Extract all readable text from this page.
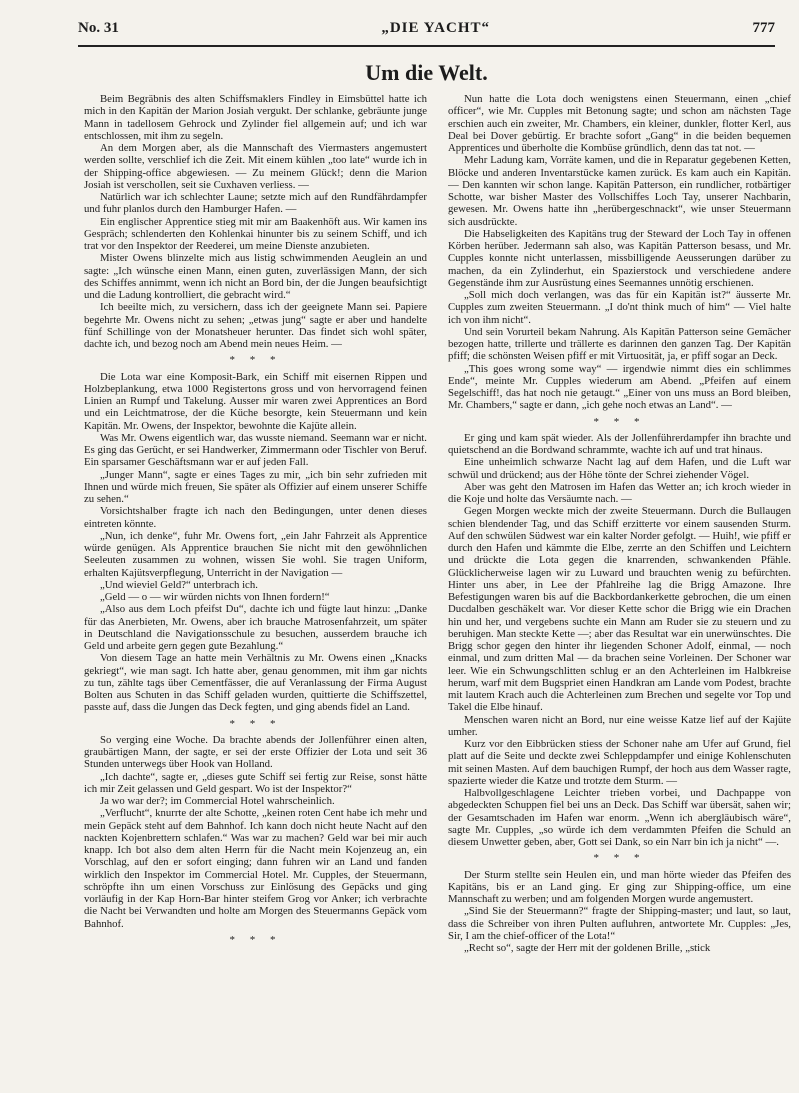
No. 31	„DIE YACHT“	777
Um die Welt.

Beim Begräbnis des alten Schiffsmaklers Findley in Eimsbüttel hatte ich mich in den Kapitän der Marion Josiah vergukt. Der schlanke, gebräunte junge Mann in tadellosem Gehrock und Zylinder fiel allgemein auf; und ich war entschlossen, mit ihm zu segeln.

An dem Morgen aber, als die Mannschaft des Viermasters angemustert werden sollte, verschlief ich die Zeit. Mit einem kühlen „too late“ wurde ich in der Shipping-office abgewiesen. — Zu meinem Glück!; denn die Marion Josiah ist verschollen, seit sie Cuxhaven verliess. —

Natürlich war ich schlechter Laune; setzte mich auf den Rundfährdampfer und fuhr planlos durch den Hamburger Hafen. —

Ein englischer Apprentice stieg mit mir am Baakenhöft aus. Wir kamen ins Gespräch; schlenderten den Kohlenkai hinunter bis zu seinem Schiff, und ich trat vor den Inspektor der Reederei, um meine Dienste anzubieten.

Mister Owens blinzelte mich aus listig schwimmenden Aeuglein an und sagte: „Ich wünsche einen Mann, einen guten, zuverlässigen Mann, der sich des Schiffes annimmt, wenn ich nicht an Bord bin, der die Jungen beaufsichtigt und die Ladung kontrolliert, die gebracht wird.“

Ich beeilte mich, zu versichern, dass ich der geeignete Mann sei. Papiere begehrte Mr. Owens nicht zu sehen; „etwas jung“ sagte er aber und handelte fünf Schillinge von der Monatsheuer herunter. Das findet sich wohl später, dachte ich, und bezog noch am Abend mein neues Heim. —

* * *

Die Lota war eine Komposit-Bark, ein Schiff mit eisernen Rippen und Holzbeplankung, etwa 1000 Registertons gross und von hervorragend feinen Linien an Rumpf und Takelung. Ausser mir waren zwei Apprentices an Bord und ein Leichtmatrose, der die Küche besorgte, kein Steuermann und kein Kapitän. Mr. Owens, der Inspektor, bewohnte die Kajüte allein.

Was Mr. Owens eigentlich war, das wusste niemand. Seemann war er nicht. Es ging das Gerücht, er sei Handwerker, Zimmermann oder Tischler von Beruf. Ein sparsamer Geschäftsmann war er auf jeden Fall.

„Junger Mann“, sagte er eines Tages zu mir, „ich bin sehr zufrieden mit Ihnen und würde mich freuen, Sie später als Offizier auf einem unserer Schiffe zu sehen.“

Vorsichtshalber fragte ich nach den Bedingungen, unter denen dieses eintreten könnte.

„Nun, ich denke“, fuhr Mr. Owens fort, „ein Jahr Fahrzeit als Apprentice würde genügen. Als Apprentice brauchen Sie nicht mit den gewöhnlichen Seeleuten zusammen zu wohnen, wissen Sie wohl. Sie tragen Uniform, erhalten Kajütsverpflegung, Unterricht in der Navigation —

„Und wieviel Geld?“ unterbrach ich.

„Geld — o — wir würden nichts von Ihnen fordern!“

„Also aus dem Loch pfeifst Du“, dachte ich und fügte laut hinzu: „Danke für das Anerbieten, Mr. Owens, aber ich brauche Matrosenfahrzeit, um später in Deutschland die Navigationsschule zu besuchen, ausserdem brauche ich Geld und arbeite gern gegen gute Bezahlung.“

Von diesem Tage an hatte mein Verhältnis zu Mr. Owens einen „Knacks gekriegt“, wie man sagt. Ich hatte aber, genau genommen, mit ihm gar nichts zu tun, zählte tags über Cementfässer, die auf Veranlassung der Firma August Bolten aus Schuten in das Schiff geladen wurden, quittierte die Schiffszettel, passte auf, dass die Jungen das Deck fegten, und ging abends fidel an Land.

* * *

So verging eine Woche. Da brachte abends der Jollenführer einen alten, graubärtigen Mann, der sagte, er sei der erste Offizier der Lota und seit 36 Stunden unterwegs über Hook van Holland.

„Ich dachte“, sagte er, „dieses gute Schiff sei fertig zur Reise, sonst hätte ich mir Zeit gelassen und Geld gespart. Wo ist der Inspektor?“

Ja wo war der?; im Commercial Hotel wahrscheinlich.

„Verflucht“, knurrte der alte Schotte, „keinen roten Cent habe ich mehr und mein Gepäck steht auf dem Bahnhof. Ich kann doch nicht heute Nacht auf den nackten Kojenbrettern schlafen.“ Was war zu machen? Geld war bei mir auch knapp. Ich bot also dem alten Herrn für die Nacht mein Kojenzeug an, ein Vorschlag, auf den er sofort einging; dann fuhren wir an Land und fanden wirklich den Inspektor im Commercial Hotel. Mr. Cupples, der Steuermann, schröpfte ihn um einen Vorschuss zur Einlösung des Gepäcks und ging vorläufig in der Kap Horn-Bar hinter steifem Grog vor Anker; ich verbrachte die Nacht bei Verwandten und holte am Morgen des Steuermanns Gepäck vom Bahnhof.

* * *

Nun hatte die Lota doch wenigstens einen Steuermann, einen „chief officer“, wie Mr. Cupples mit Betonung sagte; und schon am nächsten Tage erschien auch ein zweiter, Mr. Chambers, ein kleiner, dunkler, flotter Kerl, aus Deal bei Dover gebürtig. Er brachte sofort „Gang“ in die beiden bequemen Apprentices und überholte die Kombüse gründlich, denn das tat not. —

Mehr Ladung kam, Vorräte kamen, und die in Reparatur gegebenen Ketten, Blöcke und anderen Inventarstücke kamen zurück. Es kam auch ein Kapitän. — Den kannten wir schon lange. Kapitän Patterson, ein rundlicher, rotbärtiger Schotte, war bisher Master des Vollschiffes Loch Tay, unserer Nachbarin, gewesen. Mr. Owens hatte ihn „herübergeschnackt“, wie unser Steuermann sich ausdrückte.

Die Habseligkeiten des Kapitäns trug der Steward der Loch Tay in offenen Körben herüber. Jedermann sah also, was Kapitän Patterson besass, und Mr. Cupples konnte nicht unterlassen, missbilligende Aeusserungen darüber zu machen, da ein Zylinderhut, ein Spazierstock und verschiedene andere Gegenstände ihm zur Ausrüstung eines Seemannes unnötig erschienen.

„Soll mich doch verlangen, was das für ein Kapitän ist?“ äusserte Mr. Cupples zum zweiten Steuermann. „I do'nt think much of him“ — Viel halte ich von ihm nicht“.

Und sein Vorurteil bekam Nahrung. Als Kapitän Patterson seine Gemächer bezogen hatte, trillerte und trällerte es darinnen den ganzen Tag. Der Kapitän pfiff; die schönsten Weisen pfiff er mit Virtuosität, ja, er pfiff sogar an Deck.

„This goes wrong some way“ — irgendwie nimmt dies ein schlimmes Ende“, meinte Mr. Cupples wiederum am Abend. „Pfeifen auf einem Segelschiff!, das hat noch nie getaugt.“ „Einer von uns muss an Bord bleiben, Mr. Chambers,“ sagte er dann, „ich gehe noch etwas an Land“. —

* * *

Er ging und kam spät wieder. Als der Jollenführerdampfer ihn brachte und quietschend an die Bordwand schrammte, wachte ich auf und trat hinaus.

Eine unheimlich schwarze Nacht lag auf dem Hafen, und die Luft war schwül und drückend; aus der Höhe tönte der Schrei ziehender Vögel.

Aber was geht den Matrosen im Hafen das Wetter an; ich kroch wieder in die Koje und holte das Versäumte nach. —

Gegen Morgen weckte mich der zweite Steuermann. Durch die Bullaugen schien blendender Tag, und das Schiff erzitterte vor einem sausenden Sturm. Auf den schwülen Südwest war ein kalter Norder gefolgt. — Huih!, wie pfiff er durch den Hafen und kämmte die Elbe, zerrte an den Schiffen und Leichtern und drückte die Lota gegen die knarrenden, schwankenden Pfähle. Glücklicherweise lagen wir zu Luward und brauchten wenig zu befürchten. Hinter uns aber, in Lee der Pfahlreihe lag die Brigg Amazone. Ihre Befestigungen waren bis auf die Backbordankerkette gebrochen, die um einen Ducdalben geschäkelt war. Vor dieser Kette schor die Brigg wie ein Drachen hin und her, und vergebens suchte ein Mann am Ruder sie zu steuern und zu beruhigen. Man steckte Kette —; aber das Resultat war ein unerwünschtes. Die Brigg schor gegen den hinter ihr liegenden Schoner Adolf, einmal, — noch einmal, und zum dritten Mal — da brachen seine Vorleinen. Der Schoner war leer. Wie ein Schwungschlitten schlug er an den Achterleinen im Halbkreise herum, warf mit dem Bugspriet einen Handkran am Lande vom Podest, brachte mit lautem Krach auch die Achterleinen zum Brechen und segelte vor Top und Takel die Elbe hinauf.

Menschen waren nicht an Bord, nur eine weisse Katze lief auf der Kajüte umher.

Kurz vor den Eibbrücken stiess der Schoner nahe am Ufer auf Grund, fiel platt auf die Seite und deckte zwei Schleppdampfer und einige Kohlenschuten mit seinen Masten. Auf dem bauchigen Rumpf, der hoch aus dem Wasser ragte, spazierte wieder die Katze und trotzte dem Sturm. —

Halbvollgeschlagene Leichter trieben vorbei, und Dachpappe von abgedeckten Schuppen fiel bei uns an Deck. Das Schiff war übersät, sahen wir; der Gesamtschaden im Hafen war enorm. „Wenn ich abergläubisch wäre“, sagte Mr. Cupples, „so würde ich dem verdammten Pfeifen die Schuld an diesem Unwetter geben, aber, Gott sei Dank, so ein Narr bin ich ja nicht“ —.

* * *

Der Sturm stellte sein Heulen ein, und man hörte wieder das Pfeifen des Kapitäns, bis er an Land ging. Er ging zur Shipping-office, um eine Mannschaft zu werben; und am folgenden Morgen wurde angemustert.

„Sind Sie der Steuermann?“ fragte der Shipping-master; und laut, so laut, dass die Schreiber von ihren Pulten aufluhren, antwortete Mr. Cupples: „Jes, Sir, I am the chief-officer of the Lota!“

„Recht so“, sagte der Herr mit der goldenen Brille, „stick
